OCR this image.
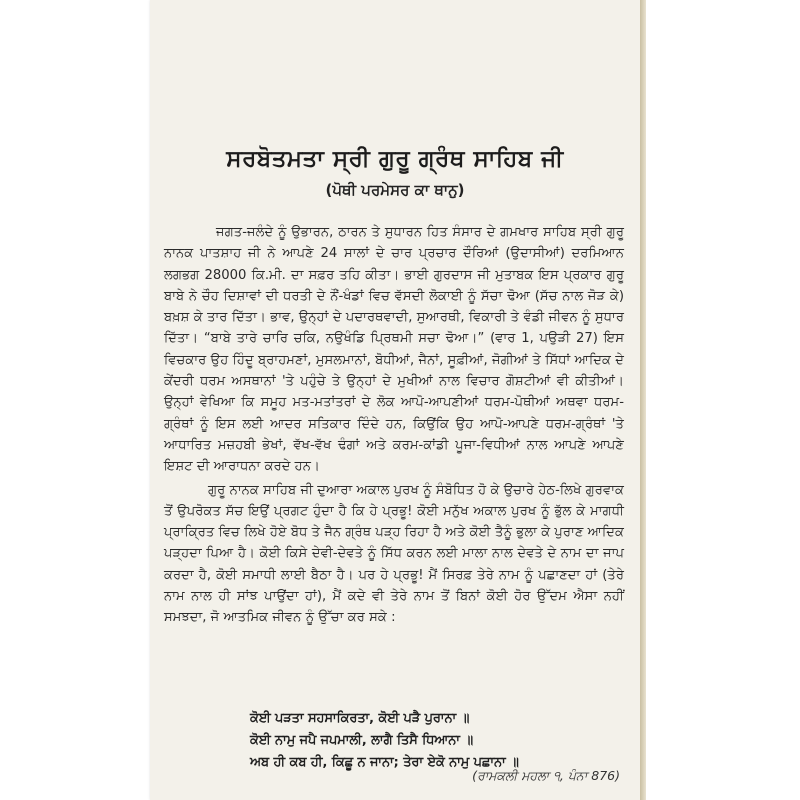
ਸਰਬੋਤਮਤਾ ਸ੍ਰੀ ਗੁਰੂ ਗ੍ਰੰਥ ਸਾਹਿਬ ਜੀ
(ਪੋਥੀ ਪਰਮੇਸਰ ਕਾ ਥਾਨੁ)

ਜਗਤ-ਜਲੰਦੇ ਨੂੰ ਉਭਾਰਨ, ਠਾਰਨ ਤੇ ਸੁਧਾਰਨ ਹਿਤ ਸੰਸਾਰ ਦੇ ਗਮਖਾਰ ਸਾਹਿਬ ਸ੍ਰੀ ਗੁਰੂ ਨਾਨਕ ਪਾਤਸ਼ਾਹ ਜੀ ਨੇ ਆਪਣੇ 24 ਸਾਲਾਂ ਦੇ ਚਾਰ ਪ੍ਰਚਾਰ ਦੌਰਿਆਂ (ਉਦਾਸੀਆਂ) ਦਰਮਿਆਨ ਲਗਭਗ 28000 ਕਿ.ਮੀ. ਦਾ ਸਫ਼ਰ ਤਹਿ ਕੀਤਾ। ਭਾਈ ਗੁਰਦਾਸ ਜੀ ਮੁਤਾਬਕ ਇਸ ਪ੍ਰਕਾਰ ਗੁਰੂ ਬਾਬੇ ਨੇ ਚੌਹ ਦਿਸ਼ਾਵਾਂ ਦੀ ਧਰਤੀ ਦੇ ਨੌਂ-ਖੰਡਾਂ ਵਿਚ ਵੱਸਦੀ ਲੋਕਾਈ ਨੂੰ ਸੱਚਾ ਢੋਆ (ਸੱਚ ਨਾਲ ਜੋੜ ਕੇ) ਬਖ਼ਸ਼ ਕੇ ਤਾਰ ਦਿੱਤਾ। ਭਾਵ, ਉਨ੍ਹਾਂ ਦੇ ਪਦਾਰਥਵਾਦੀ, ਸੁਆਰਥੀ, ਵਿਕਾਰੀ ਤੇ ਵੰਡੀ ਜੀਵਨ ਨੂੰ ਸੁਧਾਰ ਦਿੱਤਾ। “ਬਾਬੇ ਤਾਰੇ ਚਾਰਿ ਚਕਿ, ਨਉਖੰਡਿ ਪ੍ਰਿਥਮੀ ਸਚਾ ਢੋਆ।” (ਵਾਰ 1, ਪਉੜੀ 27) ਇਸ ਵਿਚਕਾਰ ਉਹ ਹਿੰਦੂ ਬ੍ਰਾਹਮਣਾਂ, ਮੁਸਲਮਾਨਾਂ, ਬੋਧੀਆਂ, ਜੈਨਾਂ, ਸੂਫ਼ੀਆਂ, ਜੋਗੀਆਂ ਤੇ ਸਿੱਧਾਂ ਆਦਿਕ ਦੇ ਕੇਂਦਰੀ ਧਰਮ ਅਸਥਾਨਾਂ 'ਤੇ ਪਹੁੰਚੇ ਤੇ ਉਨ੍ਹਾਂ ਦੇ ਮੁਖੀਆਂ ਨਾਲ ਵਿਚਾਰ ਗੋਸ਼ਟੀਆਂ ਵੀ ਕੀਤੀਆਂ। ਉਨ੍ਹਾਂ ਵੇਖਿਆ ਕਿ ਸਮੂਹ ਮਤ-ਮਤਾਂਤਰਾਂ ਦੇ ਲੋਕ ਆਪੋ-ਆਪਣੀਆਂ ਧਰਮ-ਪੋਥੀਆਂ ਅਥਵਾ ਧਰਮ-ਗ੍ਰੰਥਾਂ ਨੂੰ ਇਸ ਲਈ ਆਦਰ ਸਤਿਕਾਰ ਦਿੰਦੇ ਹਨ, ਕਿਉਂਕਿ ਉਹ ਆਪੋ-ਆਪਣੇ ਧਰਮ-ਗ੍ਰੰਥਾਂ 'ਤੇ ਆਧਾਰਿਤ ਮਜ਼ਹਬੀ ਭੇਖਾਂ, ਵੱਖ-ਵੱਖ ਢੰਗਾਂ ਅਤੇ ਕਰਮ-ਕਾਂਡੀ ਪੂਜਾ-ਵਿਧੀਆਂ ਨਾਲ ਆਪਣੇ ਆਪਣੇ ਇਸ਼ਟ ਦੀ ਆਰਾਧਨਾ ਕਰਦੇ ਹਨ।

ਗੁਰੂ ਨਾਨਕ ਸਾਹਿਬ ਜੀ ਦੁਆਰਾ ਅਕਾਲ ਪੁਰਖ ਨੂੰ ਸੰਬੋਧਿਤ ਹੋ ਕੇ ਉਚਾਰੇ ਹੇਠ-ਲਿਖੇ ਗੁਰਵਾਕ ਤੋਂ ਉਪਰੋਕਤ ਸੱਚ ਇਉਂ ਪ੍ਰਗਟ ਹੁੰਦਾ ਹੈ ਕਿ ਹੇ ਪ੍ਰਭੂ! ਕੋਈ ਮਨੁੱਖ ਅਕਾਲ ਪੁਰਖ ਨੂੰ ਭੁੱਲ ਕੇ ਮਾਗਧੀ ਪ੍ਰਾਕ੍ਰਿਤ ਵਿਚ ਲਿਖੇ ਹੋਏ ਬੋਧ ਤੇ ਜੈਨ ਗ੍ਰੰਥ ਪੜ੍ਹ ਰਿਹਾ ਹੈ ਅਤੇ ਕੋਈ ਤੈਨੂੰ ਭੁਲਾ ਕੇ ਪੁਰਾਣ ਆਦਿਕ ਪੜ੍ਹਦਾ ਪਿਆ ਹੈ। ਕੋਈ ਕਿਸੇ ਦੇਵੀ-ਦੇਵਤੇ ਨੂੰ ਸਿੱਧ ਕਰਨ ਲਈ ਮਾਲਾ ਨਾਲ ਦੇਵਤੇ ਦੇ ਨਾਮ ਦਾ ਜਾਪ ਕਰਦਾ ਹੈ, ਕੋਈ ਸਮਾਧੀ ਲਾਈ ਬੈਠਾ ਹੈ। ਪਰ ਹੇ ਪ੍ਰਭੂ! ਮੈਂ ਸਿਰਫ਼ ਤੇਰੇ ਨਾਮ ਨੂੰ ਪਛਾਣਦਾ ਹਾਂ (ਤੇਰੇ ਨਾਮ ਨਾਲ ਹੀ ਸਾਂਝ ਪਾਉਂਦਾ ਹਾਂ), ਮੈਂ ਕਦੇ ਵੀ ਤੇਰੇ ਨਾਮ ਤੋਂ ਬਿਨਾਂ ਕੋਈ ਹੋਰ ਉੱਦਮ ਐਸਾ ਨਹੀਂ ਸਮਝਦਾ, ਜੋ ਆਤਮਿਕ ਜੀਵਨ ਨੂੰ ਉੱਚਾ ਕਰ ਸਕੇ :

ਕੋਈ ਪੜਤਾ ਸਹਸਾਕਿਰਤਾ, ਕੋਈ ਪੜੈ ਪੁਰਾਨਾ ॥
ਕੋਈ ਨਾਮੁ ਜਪੈ ਜਪਮਾਲੀ, ਲਾਗੈ ਤਿਸੈ ਧਿਆਨਾ ॥
ਅਬ ਹੀ ਕਬ ਹੀ, ਕਿਛੂ ਨ ਜਾਨਾ; ਤੇਰਾ ਏਕੋ ਨਾਮੁ ਪਛਾਨਾ ॥
(ਰਾਮਕਲੀ ਮਹਲਾ ੧, ਪੰਨਾ 876)
